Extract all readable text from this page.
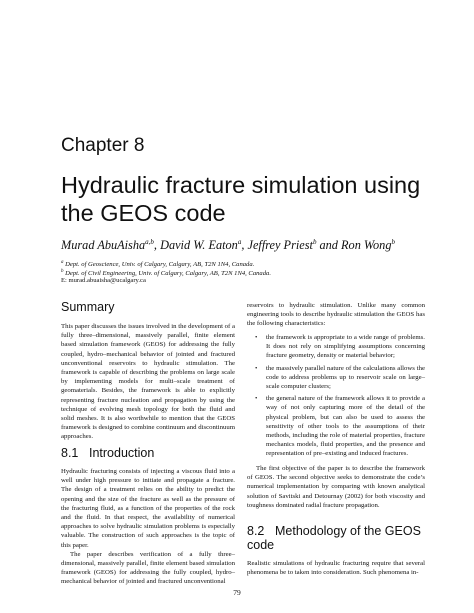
Chapter 8
Hydraulic fracture simulation using the GEOS code
Murad AbuAisha$^{a,b}$, David W. Eaton$^a$, Jeffrey Priest$^b$ and Ron Wong$^b$
$^a$ Dept. of Geoscience, Univ. of Calgary, Calgary, AB, T2N 1N4, Canada.
$^b$ Dept. of Civil Engineering, Univ. of Calgary, Calgary, AB, T2N 1N4, Canada.
E: murad.abuaisha@ucalgary.ca
Summary

This paper discusses the issues involved in the development of a fully three–dimensional, massively parallel, finite element based simulation framework (GEOS) for addressing the fully coupled, hydro–mechanical behavior of jointed and fractured unconventional reservoirs to hydraulic stimulation. The framework is capable of describing the problems on large scale by implementing models for multi–scale treatment of geomaterials. Besides, the framework is able to explicitly representing fracture nucleation and propagation by using the technique of evolving mesh topology for both the fluid and solid meshes. It is also worthwhile to mention that the GEOS framework is designed to combine continuum and discontinuum approaches.

8.1 Introduction

Hydraulic fracturing consists of injecting a viscous fluid into a well under high pressure to initiate and propagate a fracture. The design of a treatment relies on the ability to predict the opening and the size of the fracture as well as the pressure of the fracturing fluid, as a function of the properties of the rock and the fluid. In that respect, the availability of numerical approaches to solve hydraulic simulation problems is especially valuable. The construction of such approaches is the topic of this paper.

The paper describes verification of a fully three–dimensional, massively parallel, finite element based simulation framework (GEOS) for addressing the fully coupled, hydro–mechanical behavior of jointed and fractured unconventional

reservoirs to hydraulic stimulation. Unlike many common engineering tools to describe hydraulic stimulation the GEOS has the following characteristics:

• the framework is appropriate to a wide range of problems. It does not rely on simplifying assumptions concerning fracture geometry, density or material behavior;
• the massively parallel nature of the calculations allows the code to address problems up to reservoir scale on large–scale computer clusters;
• the general nature of the framework allows it to provide a way of not only capturing more of the detail of the physical problem, but can also be used to assess the sensitivity of other tools to the assumptions of their methods, including the role of material properties, fracture mechanics models, fluid properties, and the presence and representation of pre–existing and induced fractures.

The first objective of the paper is to describe the framework of GEOS. The second objective seeks to demonstrate the code’s numerical implementation by comparing with known analytical solution of Savitski and Detournay (2002) for both viscosity and toughness dominated radial fracture propagation.

8.2 Methodology of the GEOS code

Realistic simulations of hydraulic fracturing require that several phenomena be to taken into consideration. Such phenomena in-

79
